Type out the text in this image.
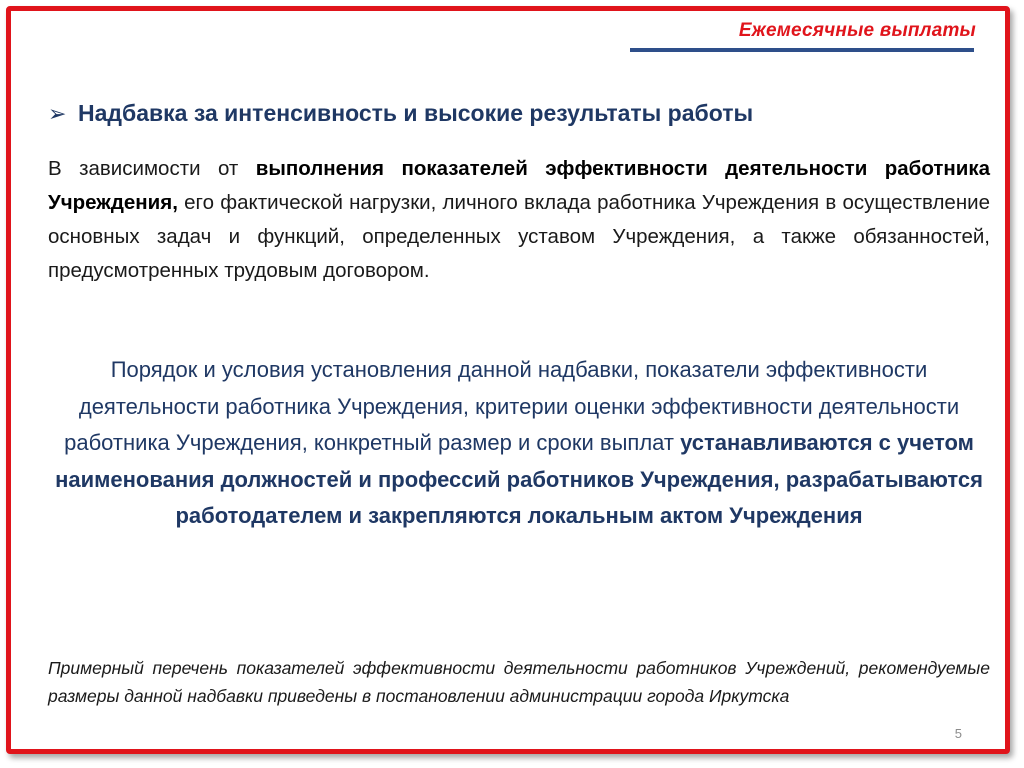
Ежемесячные выплаты
➢ Надбавка за интенсивность и высокие результаты работы
В зависимости от выполнения показателей эффективности деятельности работника Учреждения, его фактической нагрузки, личного вклада работника Учреждения в осуществление основных задач и функций, определенных уставом Учреждения, а также обязанностей, предусмотренных трудовым договором.
Порядок и условия установления данной надбавки, показатели эффективности деятельности работника Учреждения, критерии оценки эффективности деятельности работника Учреждения, конкретный размер и сроки выплат устанавливаются с учетом наименования должностей и профессий работников Учреждения, разрабатываются работодателем и закрепляются локальным актом Учреждения
Примерный перечень показателей эффективности деятельности работников Учреждений, рекомендуемые размеры данной надбавки приведены в постановлении администрации города Иркутска
5
